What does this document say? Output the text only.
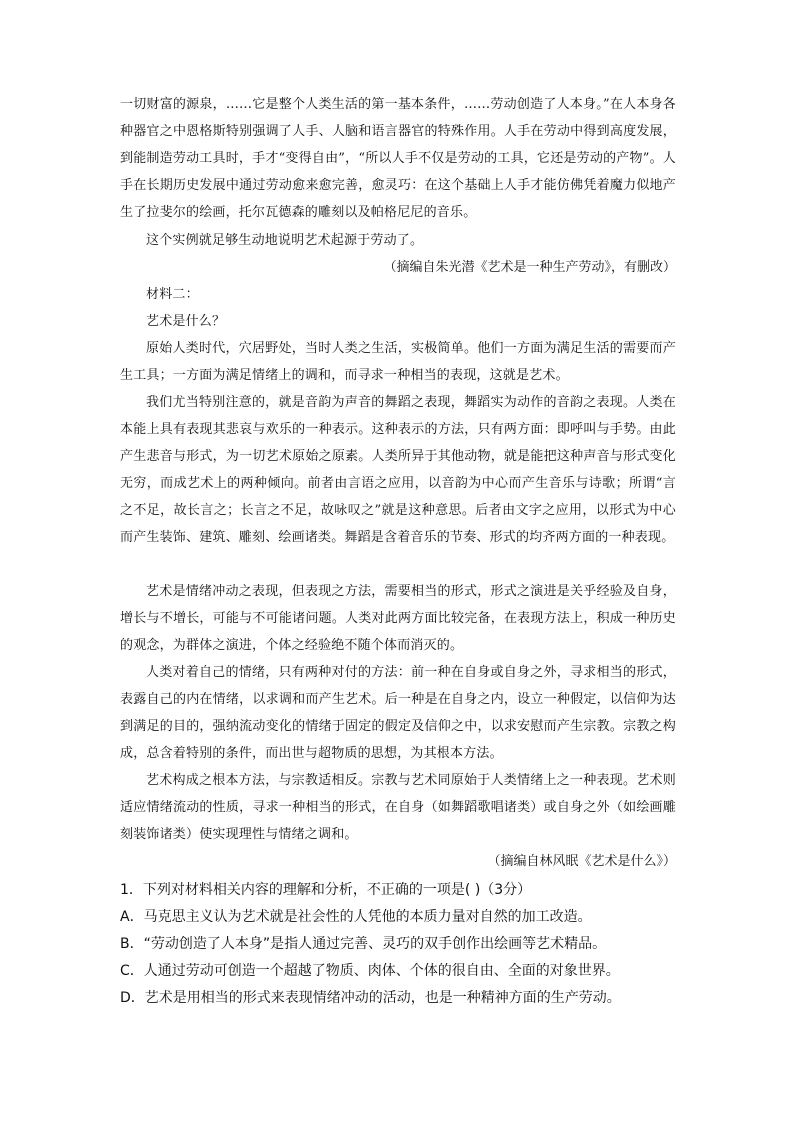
一切财富的源泉，……它是整个人类生活的第一基本条件，……劳动创造了人本身。”在人本身各种器官之中恩格斯特别强调了人手、人脑和语言器官的特殊作用。人手在劳动中得到高度发展，到能制造劳动工具时，手才“变得自由”，“所以人手不仅是劳动的工具，它还是劳动的产物”。人手在长期历史发展中通过劳动愈来愈完善，愈灵巧：在这个基础上人手才能仿佛凭着魔力似地产生了拉斐尔的绘画，托尔瓦德森的雕刻以及帕格尼尼的音乐。

这个实例就足够生动地说明艺术起源于劳动了。

（摘编自朱光潜《艺术是一种生产劳动》，有删改）

材料二：

艺术是什么？

原始人类时代，穴居野处，当时人类之生活，实极简单。他们一方面为满足生活的需要而产生工具；一方面为满足情绪上的调和，而寻求一种相当的表现，这就是艺术。

我们尤当特别注意的，就是音韵为声音的舞蹈之表现，舞蹈实为动作的音韵之表现。人类在本能上具有表现其悲哀与欢乐的一种表示。这种表示的方法，只有两方面：即呼叫与手势。由此产生悲音与形式，为一切艺术原始之原素。人类所异于其他动物，就是能把这种声音与形式变化无穷，而成艺术上的两种倾向。前者由言语之应用，以音韵为中心而产生音乐与诗歌；所谓“言之不足，故长言之；长言之不足，故咏叹之”就是这种意思。后者由文字之应用，以形式为中心而产生装饰、建筑、雕刻、绘画诸类。舞蹈是含着音乐的节奏、形式的均齐两方面的一种表现。

艺术是情绪冲动之表现，但表现之方法，需要相当的形式，形式之演进是关乎经验及自身，增长与不增长，可能与不可能诸问题。人类对此两方面比较完备，在表现方法上，积成一种历史的观念，为群体之演进，个体之经验绝不随个体而消灭的。

人类对着自己的情绪，只有两种对付的方法：前一种在自身或自身之外，寻求相当的形式，表露自己的内在情绪，以求调和而产生艺术。后一种是在自身之内，设立一种假定，以信仰为达到满足的目的，强纳流动变化的情绪于固定的假定及信仰之中，以求安慰而产生宗教。宗教之构成，总含着特别的条件，而出世与超物质的思想，为其根本方法。

艺术构成之根本方法，与宗教适相反。宗教与艺术同原始于人类情绪上之一种表现。艺术则适应情绪流动的性质，寻求一种相当的形式，在自身（如舞蹈歌唱诸类）或自身之外（如绘画雕刻装饰诸类）使实现理性与情绪之调和。

（摘编自林风眠《艺术是什么》）

1．下列对材料相关内容的理解和分析，不正确的一项是( )（3分）
A．马克思主义认为艺术就是社会性的人凭他的本质力量对自然的加工改造。
B．“劳动创造了人本身”是指人通过完善、灵巧的双手创作出绘画等艺术精品。
C．人通过劳动可创造一个超越了物质、肉体、个体的很自由、全面的对象世界。
D．艺术是用相当的形式来表现情绪冲动的活动，也是一种精神方面的生产劳动。
